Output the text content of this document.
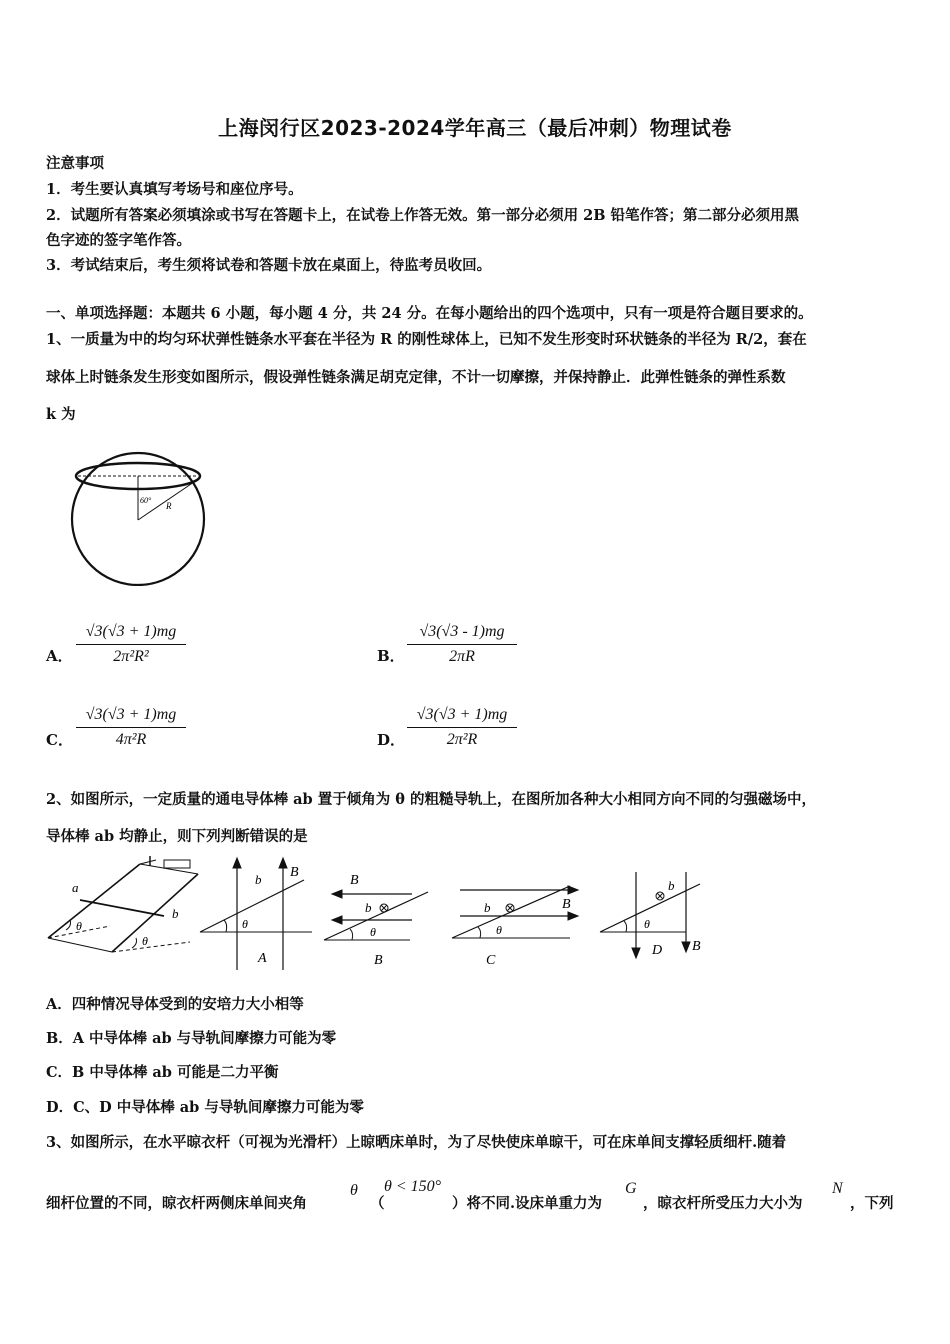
上海闵行区2023-2024学年高三（最后冲刺）物理试卷
注意事项
1．考生要认真填写考场号和座位序号。
2．试题所有答案必须填涂或书写在答题卡上，在试卷上作答无效。第一部分必须用 2B 铅笔作答；第二部分必须用黑
色字迹的签字笔作答。
3．考试结束后，考生须将试卷和答题卡放在桌面上，待监考员收回。
一、单项选择题：本题共 6 小题，每小题 4 分，共 24 分。在每小题给出的四个选项中，只有一项是符合题目要求的。
1、一质量为中的均匀环状弹性链条水平套在半径为 R 的刚性球体上，已知不发生形变时环状链条的半径为 R/2，套在
球体上时链条发生形变如图所示，假设弹性链条满足胡克定律，不计一切摩擦，并保持静止．此弹性链条的弹性系数
k 为
60°
R
A． $\frac{√3(√3 + 1)mg}{\text{2π²R²}}$	B． $\frac{√3(√3 - 1)mg}{2\pi R}$
C． $\frac{√3(√3 + 1)mg}{\text{4π²R}}$	D． $\frac{√3(√3 + 1)mg}{\text{2π²R}}$
2、如图所示，一定质量的通电导体棒 ab 置于倾角为 θ 的粗糙导轨上，在图所加各种大小相同方向不同的匀强磁场中，
导体棒 ab 均静止，则下列判断错误的是
a
b
θ
θ
b B
θ
A
B
b
θ
B
b	B
θ
C
b
θ
D B
A．四种情况导体受到的安培力大小相等
B．A 中导体棒 ab 与导轨间摩擦力可能为零
C．B 中导体棒 ab 可能是二力平衡
D．C、D 中导体棒 ab 与导轨间摩擦力可能为零
3、如图所示，在水平晾衣杆（可视为光滑杆）上晾晒床单时，为了尽快使床单晾干，可在床单间支撑轻质细杆.随着
细杆位置的不同，晾衣杆两侧床单间夹角
θ
（
θ < 150°
）将不同.设床单重力为
G
，晾衣杆所受压力大小为
N
，下列
